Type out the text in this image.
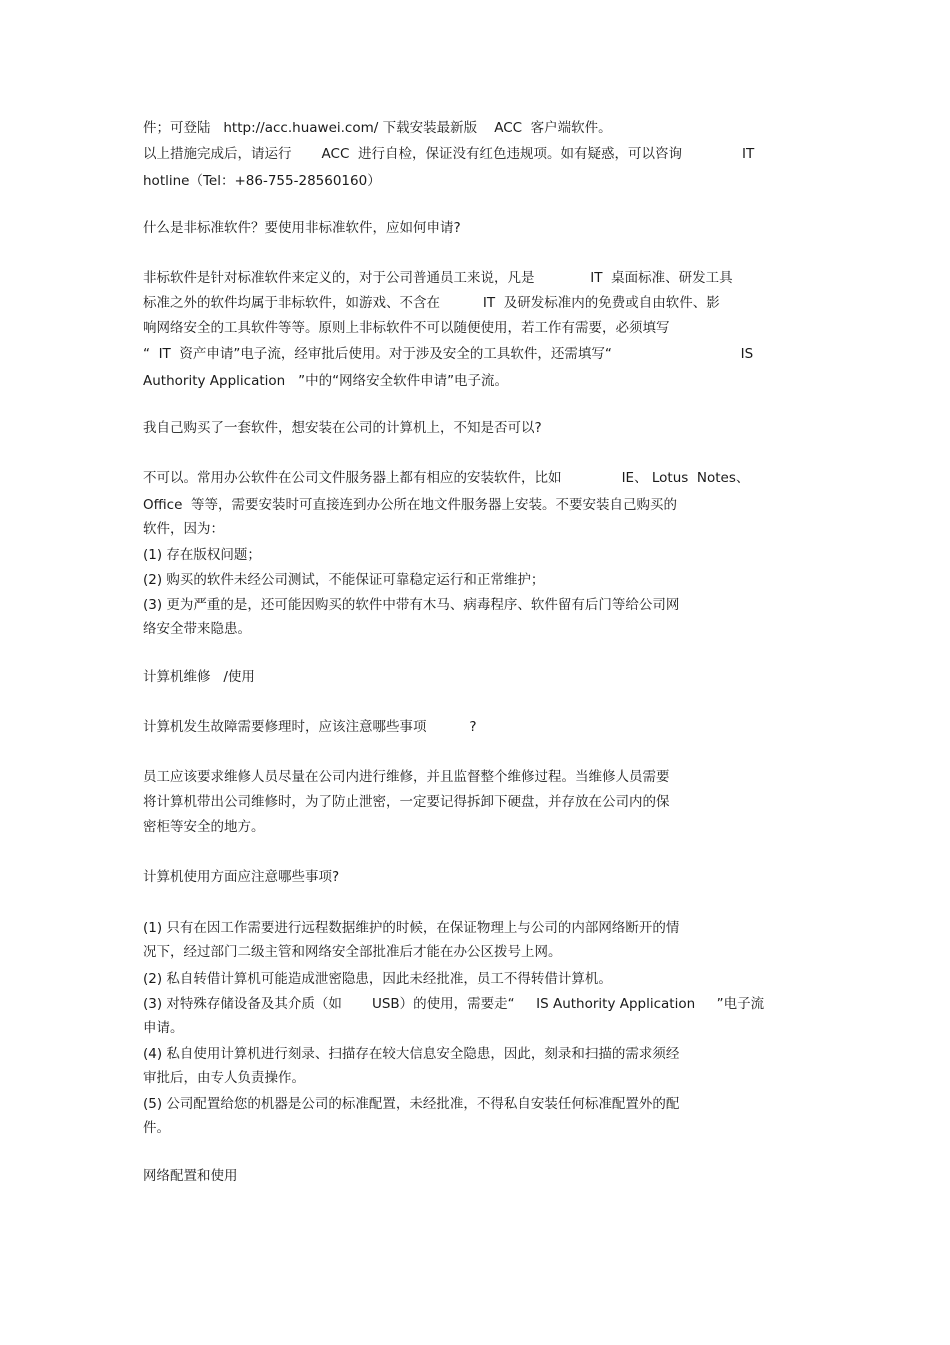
件；可登陆   http://acc.huawei.com/ 下载安装最新版    ACC  客户端软件。
以上措施完成后，请运行       ACC  进行自检，保证没有红色违规项。如有疑惑，可以咨询              IT
hotline（Tel：+86-755-28560160）
什么是非标准软件？要使用非标准软件，应如何申请?
非标软件是针对标准软件来定义的，对于公司普通员工来说，凡是             IT  桌面标准、研发工具
标准之外的软件均属于非标软件，如游戏、不含在          IT  及研发标准内的免费或自由软件、影
响网络安全的工具软件等等。原则上非标软件不可以随便使用，若工作有需要，必须填写
“  IT  资产申请”电子流，经审批后使用。对于涉及安全的工具软件，还需填写“                              IS
Authority Application   ”中的“网络安全软件申请”电子流。
我自己购买了一套软件，想安装在公司的计算机上，不知是否可以?
不可以。常用办公软件在公司文件服务器上都有相应的安装软件，比如              IE、 Lotus  Notes、
Office  等等，需要安装时可直接连到办公所在地文件服务器上安装。不要安装自己购买的
软件，因为：
(1) 存在版权问题；
(2) 购买的软件未经公司测试，不能保证可靠稳定运行和正常维护；
(3) 更为严重的是，还可能因购买的软件中带有木马、病毒程序、软件留有后门等给公司网
络安全带来隐患。
计算机维修   /使用
计算机发生故障需要修理时，应该注意哪些事项          ?
员工应该要求维修人员尽量在公司内进行维修，并且监督整个维修过程。当维修人员需要
将计算机带出公司维修时，为了防止泄密，一定要记得拆卸下硬盘，并存放在公司内的保
密柜等安全的地方。
计算机使用方面应注意哪些事项?
(1) 只有在因工作需要进行远程数据维护的时候，在保证物理上与公司的内部网络断开的情
况下，经过部门二级主管和网络安全部批准后才能在办公区拨号上网。
(2) 私自转借计算机可能造成泄密隐患，因此未经批准，员工不得转借计算机。
(3) 对特殊存储设备及其介质（如       USB）的使用，需要走“     IS Authority Application     ”电子流
申请。
(4) 私自使用计算机进行刻录、扫描存在较大信息安全隐患，因此，刻录和扫描的需求须经
审批后，由专人负责操作。
(5) 公司配置给您的机器是公司的标准配置，未经批准，不得私自安装任何标准配置外的配
件。
网络配置和使用
